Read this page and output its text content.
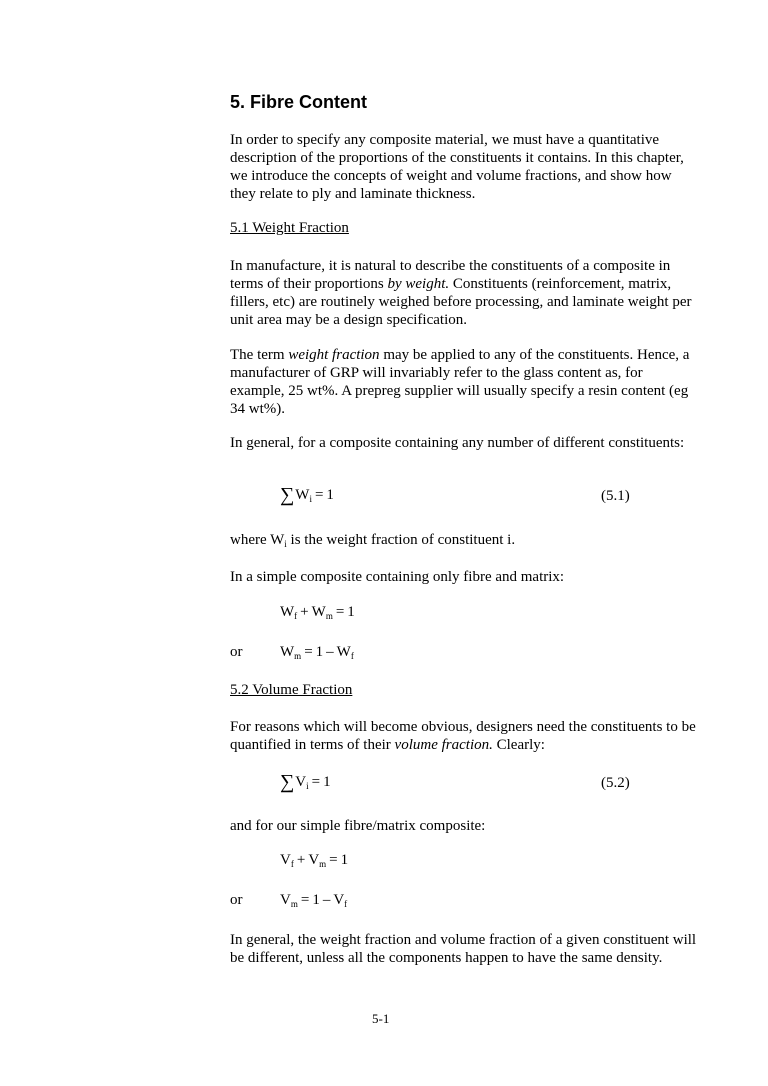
5. Fibre Content
In order to specify any composite material, we must have a quantitative description of the proportions of the constituents it contains. In this chapter, we introduce the concepts of weight and volume fractions, and show how they relate to ply and laminate thickness.
5.1 Weight Fraction
In manufacture, it is natural to describe the constituents of a composite in terms of their proportions by weight. Constituents (reinforcement, matrix, fillers, etc) are routinely weighed before processing, and laminate weight per unit area may be a design specification.
The term weight fraction may be applied to any of the constituents. Hence, a manufacturer of GRP will invariably refer to the glass content as, for example, 25 wt%. A prepreg supplier will usually specify a resin content (eg 34 wt%).
In general, for a composite containing any number of different constituents:
$\sum W_i = 1$	(5.1)
where $W_i$ is the weight fraction of constituent i.
In a simple composite containing only fibre and matrix:
$W_f + W_m = 1$
or	$W_m = 1 - W_f$
5.2 Volume Fraction
For reasons which will become obvious, designers need the constituents to be quantified in terms of their volume fraction. Clearly:
$\sum V_i = 1$	(5.2)
and for our simple fibre/matrix composite:
$V_f + V_m = 1$
or	$V_m = 1 - V_f$
In general, the weight fraction and volume fraction of a given constituent will be different, unless all the components happen to have the same density.
5-1
